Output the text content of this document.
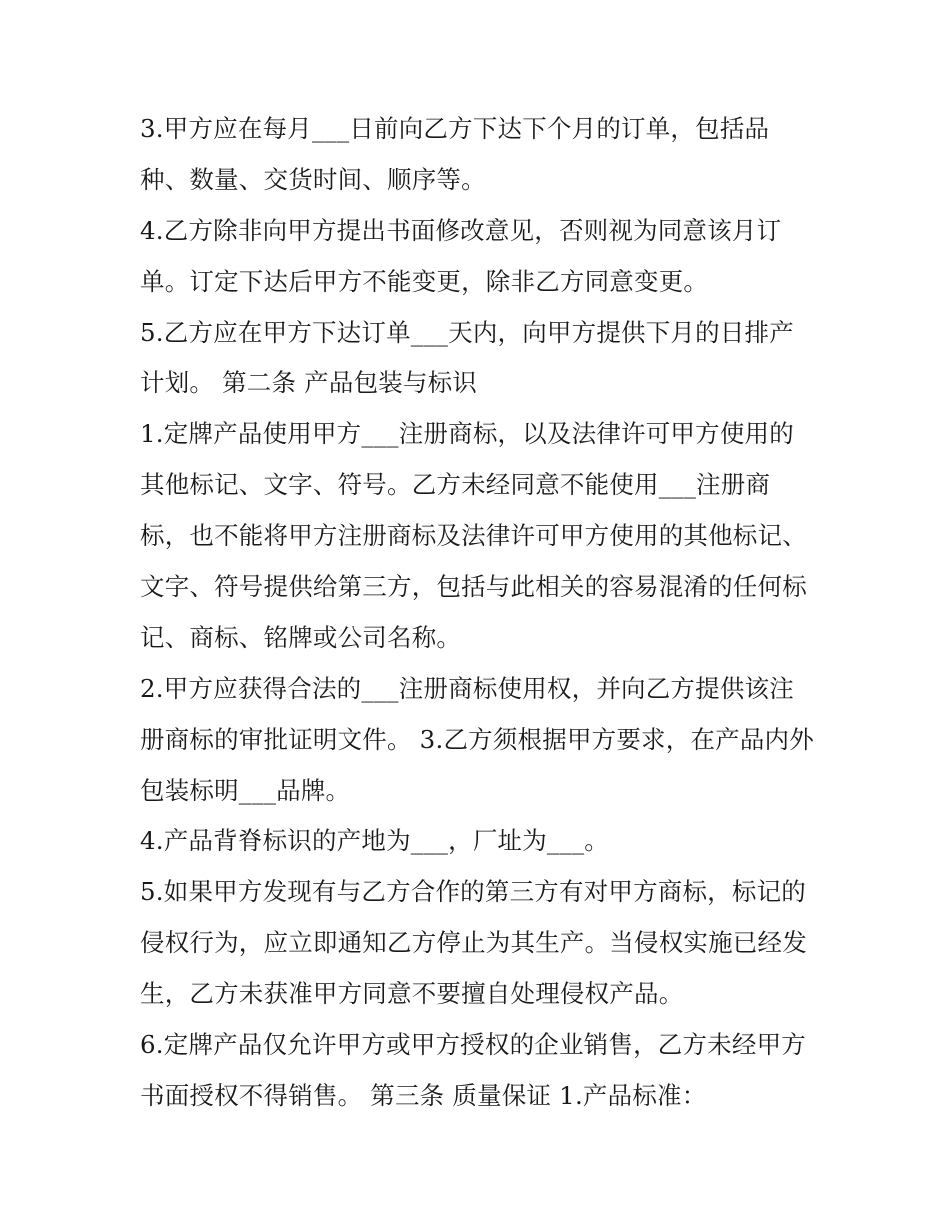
3.甲方应在每月___日前向乙方下达下个月的订单，包括品
种、数量、交货时间、顺序等。
4.乙方除非向甲方提出书面修改意见，否则视为同意该月订
单。订定下达后甲方不能变更，除非乙方同意变更。
5.乙方应在甲方下达订单___天内，向甲方提供下月的日排产
计划。 第二条 产品包装与标识
1.定牌产品使用甲方___注册商标，以及法律许可甲方使用的
其他标记、文字、符号。乙方未经同意不能使用___注册商
标，也不能将甲方注册商标及法律许可甲方使用的其他标记、
文字、符号提供给第三方，包括与此相关的容易混淆的任何标
记、商标、铭牌或公司名称。
2.甲方应获得合法的___注册商标使用权，并向乙方提供该注
册商标的审批证明文件。 3.乙方须根据甲方要求，在产品内外
包装标明___品牌。
4.产品背脊标识的产地为___，厂址为___。
5.如果甲方发现有与乙方合作的第三方有对甲方商标，标记的
侵权行为，应立即通知乙方停止为其生产。当侵权实施已经发
生，乙方未获准甲方同意不要擅自处理侵权产品。
6.定牌产品仅允许甲方或甲方授权的企业销售，乙方未经甲方
书面授权不得销售。 第三条 质量保证 1.产品标准：
